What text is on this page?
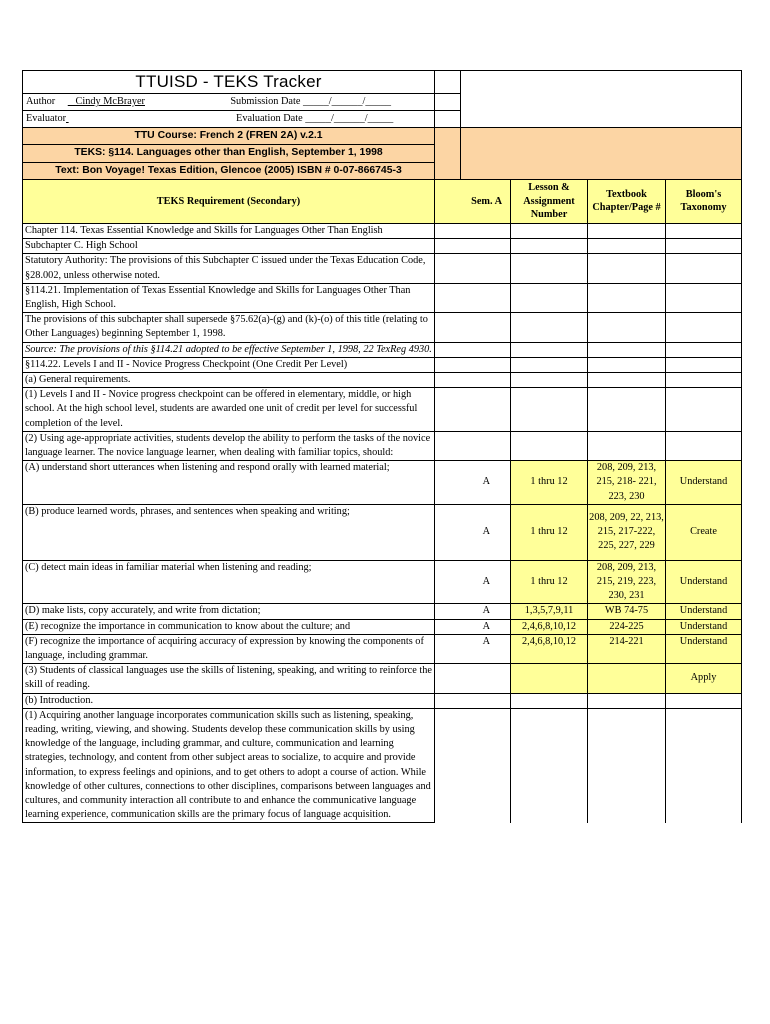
TTUISD - TEKS Tracker					
Author Cindy McBrayer Submission Date _____/______/_____					
Evaluator Evaluation Date _____/______/_____					
TTU Course: French 2 (FREN 2A) v.2.1					
TEKS: §114. Languages other than English, September 1, 1998					
Text: Bon Voyage! Texas Edition, Glencoe (2005) ISBN # 0-07-866745-3					
TEKS Requirement (Secondary)	Sem. A		Lesson & Assignment Number	Textbook Chapter/Page #	Bloom's Taxonomy
Chapter 114. Texas Essential Knowledge and Skills for Languages Other Than English					
Subchapter C. High School					
Statutory Authority: The provisions of this Subchapter C issued under the Texas Education Code, §28.002, unless otherwise noted.					
§114.21. Implementation of Texas Essential Knowledge and Skills for Languages Other Than English, High School.					
The provisions of this subchapter shall supersede §75.62(a)-(g) and (k)-(o) of this title (relating to Other Languages) beginning September 1, 1998.					
Source: The provisions of this §114.21 adopted to be effective September 1, 1998, 22 TexReg 4930.					
§114.22. Levels I and II - Novice Progress Checkpoint (One Credit Per Level)					
(a) General requirements.					
(1) Levels I and II - Novice progress checkpoint can be offered in elementary, middle, or high school. At the high school level, students are awarded one unit of credit per level for successful completion of the level.					
(2) Using age-appropriate activities, students develop the ability to perform the tasks of the novice language learner. The novice language learner, when dealing with familiar topics, should:					
(A) understand short utterances when listening and respond orally with learned material;	A		1 thru 12	208, 209, 213, 215, 218- 221, 223, 230	Understand
(B) produce learned words, phrases, and sentences when speaking and writing;	A		1 thru 12	208, 209, 22, 213, 215, 217-222, 225, 227, 229	Create
(C) detect main ideas in familiar material when listening and reading;	A		1 thru 12	208, 209, 213, 215, 219, 223, 230, 231	Understand
(D) make lists, copy accurately, and write from dictation;	A		1,3,5,7,9,11	WB 74-75	Understand
(E) recognize the importance in communication to know about the culture; and	A		2,4,6,8,10,12	224-225	Understand
(F) recognize the importance of acquiring accuracy of expression by knowing the components of language, including grammar.	A		2,4,6,8,10,12	214-221	Understand
(3) Students of classical languages use the skills of listening, speaking, and writing to reinforce the skill of reading.					Apply
(b) Introduction.					
(1) Acquiring another language incorporates communication skills such as listening, speaking, reading, writing, viewing, and showing. Students develop these communication skills by using knowledge of the language, including grammar, and culture, communication and learning strategies, technology, and content from other subject areas to socialize, to acquire and provide information, to express feelings and opinions, and to get others to adopt a course of action. While knowledge of other cultures, connections to other disciplines, comparisons between languages and cultures, and community interaction all contribute to and enhance the communicative language learning experience, communication skills are the primary focus of language acquisition.					
